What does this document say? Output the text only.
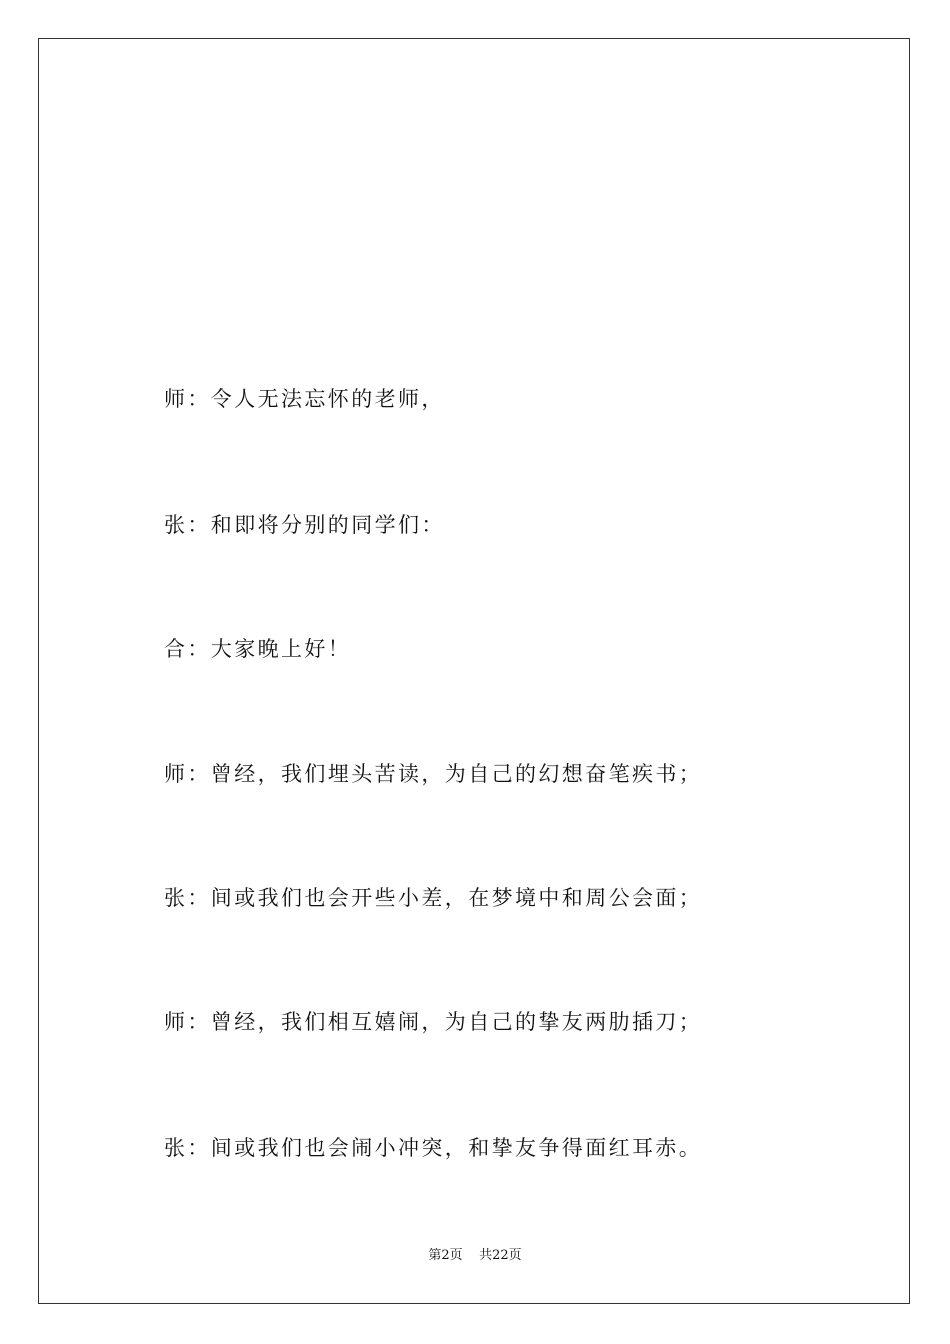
师：令人无法忘怀的老师，
张：和即将分别的同学们：
合：大家晚上好！
师：曾经，我们埋头苦读，为自己的幻想奋笔疾书；
张：间或我们也会开些小差，在梦境中和周公会面；
师：曾经，我们相互嬉闹，为自己的挚友两肋插刀；
张：间或我们也会闹小冲突，和挚友争得面红耳赤。
第2页 共22页
